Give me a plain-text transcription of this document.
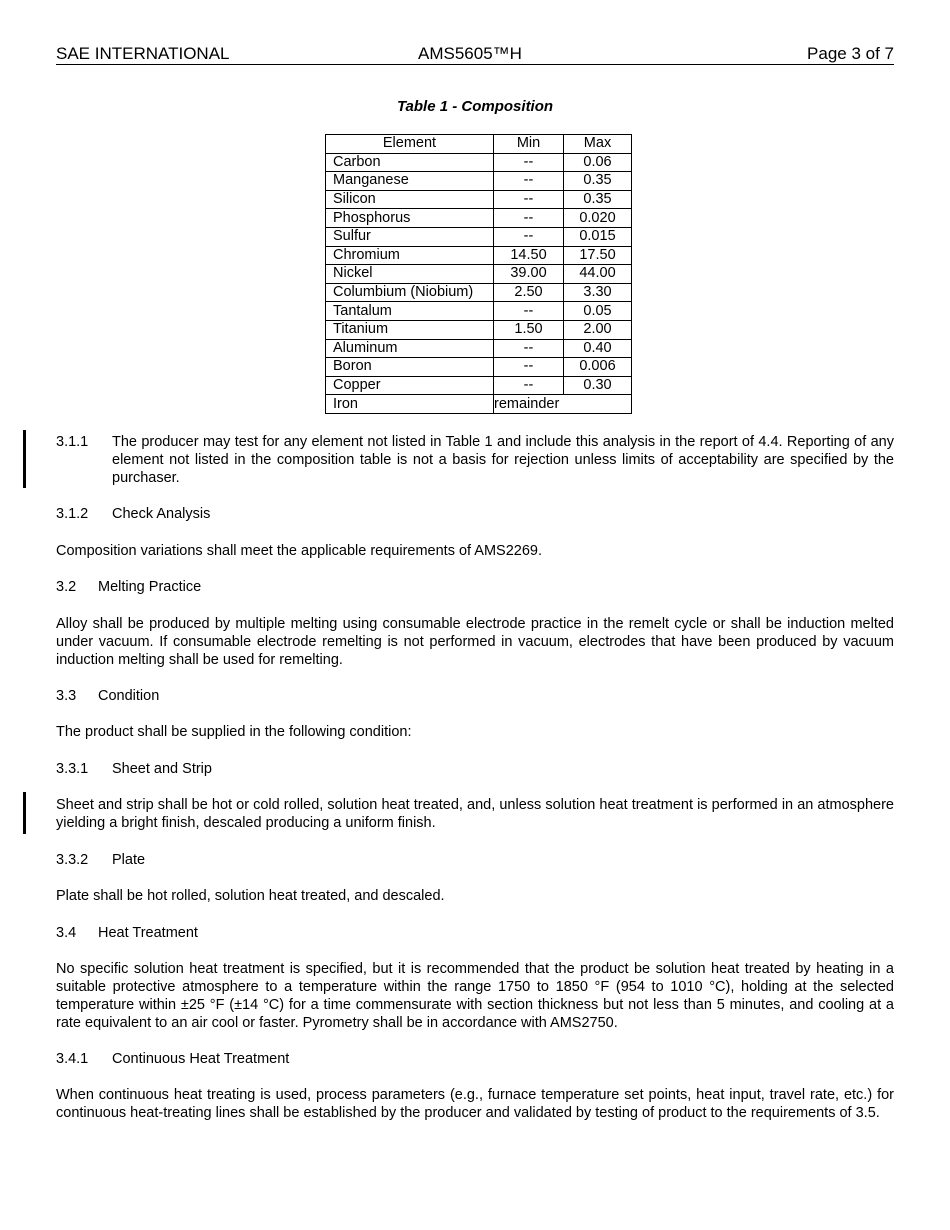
SAE INTERNATIONAL	AMS5605™H	Page 3 of 7
Table 1 - Composition
Element	Min	Max
Carbon	--	0.06
Manganese	--	0.35
Silicon	--	0.35
Phosphorus	--	0.020
Sulfur	--	0.015
Chromium	14.50	17.50
Nickel	39.00	44.00
Columbium (Niobium)	2.50	3.30
Tantalum	--	0.05
Titanium	1.50	2.00
Aluminum	--	0.40
Boron	--	0.006
Copper	--	0.30
Iron	remainder	
3.1.1 The producer may test for any element not listed in Table 1 and include this analysis in the report of 4.4. Reporting of any element not listed in the composition table is not a basis for rejection unless limits of acceptability are specified by the purchaser.
3.1.2 Check Analysis
Composition variations shall meet the applicable requirements of AMS2269.
3.2 Melting Practice
Alloy shall be produced by multiple melting using consumable electrode practice in the remelt cycle or shall be induction melted under vacuum. If consumable electrode remelting is not performed in vacuum, electrodes that have been produced by vacuum induction melting shall be used for remelting.
3.3 Condition
The product shall be supplied in the following condition:
3.3.1 Sheet and Strip
Sheet and strip shall be hot or cold rolled, solution heat treated, and, unless solution heat treatment is performed in an atmosphere yielding a bright finish, descaled producing a uniform finish.
3.3.2 Plate
Plate shall be hot rolled, solution heat treated, and descaled.
3.4 Heat Treatment
No specific solution heat treatment is specified, but it is recommended that the product be solution heat treated by heating in a suitable protective atmosphere to a temperature within the range 1750 to 1850 °F (954 to 1010 °C), holding at the selected temperature within ±25 °F (±14 °C) for a time commensurate with section thickness but not less than 5 minutes, and cooling at a rate equivalent to an air cool or faster. Pyrometry shall be in accordance with AMS2750.
3.4.1 Continuous Heat Treatment
When continuous heat treating is used, process parameters (e.g., furnace temperature set points, heat input, travel rate, etc.) for continuous heat-treating lines shall be established by the producer and validated by testing of product to the requirements of 3.5.
